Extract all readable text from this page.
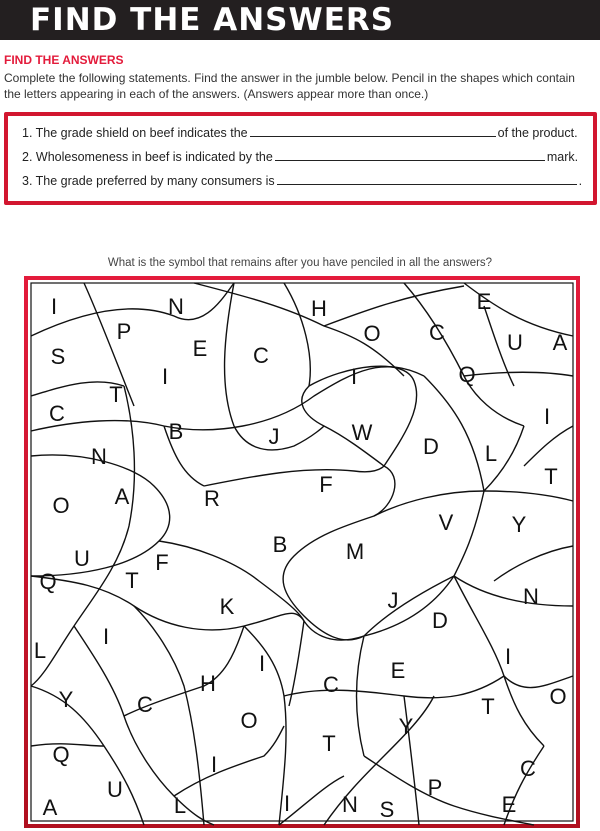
FIND THE ANSWERS
FIND THE ANSWERS
Complete the following statements. Find the answer in the jumble below. Pencil in the shapes which contain the letters appearing in each of the answers. (Answers appear more than once.)
1. The grade shield on beef indicates the	of the product.
2. Wholesomeness in beef is indicated by the	mark.
3. The grade preferred by many consumers is	.
What is the symbol that remains after you have penciled in all the answers?
I	N	H	E
P
S	E C
O C	U A
T
I	I	Q
C	I
B	J	W
D L
N
F	T
A	R
O
V	Y
B	M
U	F
Q	T
K	J	N
D
I
L
I	I
E
H	C
Y	C	O
O
T
Y
T
Q	I	C
U
L	I N S
P
E
A
